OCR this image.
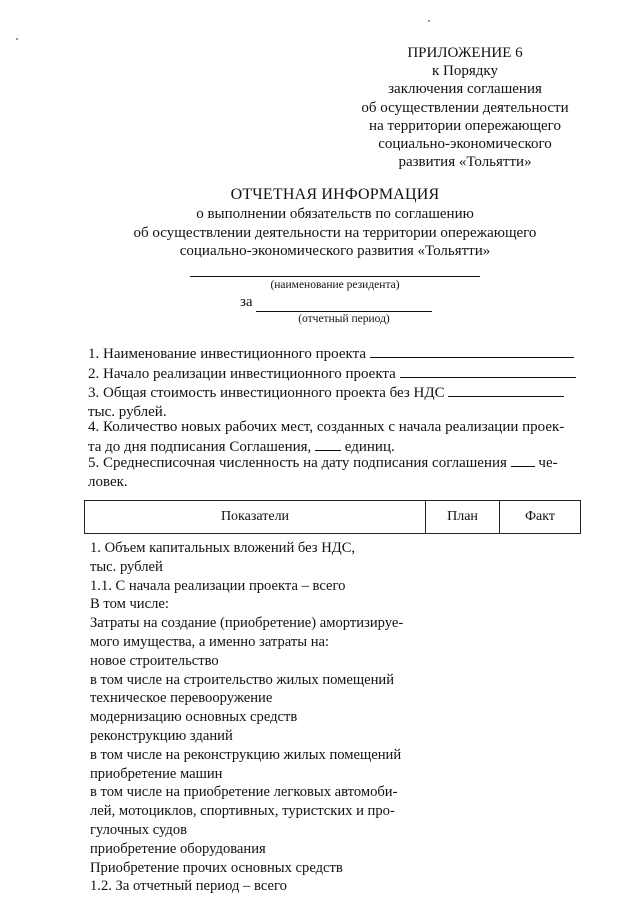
ПРИЛОЖЕНИЕ 6
к Порядку
заключения соглашения
об осуществлении деятельности
на территории опережающего
социально-экономического
развития «Тольятти»
ОТЧЕТНАЯ ИНФОРМАЦИЯ
о выполнении обязательств по соглашению
об осуществлении деятельности на территории опережающего
социально-экономического развития «Тольятти»
(наименование резидента)
за
(отчетный период)
1. Наименование инвестиционного проекта
2. Начало реализации инвестиционного проекта
3. Общая стоимость инвестиционного проекта без НДС
тыс. рублей.
4. Количество новых рабочих мест, созданных с начала реализации проек-
та до дня подписания Соглашения, единиц.
5. Среднесписочная численность на дату подписания соглашения че-
ловек.
Показатели	План	Факт
1. Объем капитальных вложений без НДС,
тыс. рублей
1.1. С начала реализации проекта – всего
В том числе:
Затраты на создание (приобретение) амортизируе-
мого имущества, а именно затраты на:
новое строительство
в том числе на строительство жилых помещений
техническое перевооружение
модернизацию основных средств
реконструкцию зданий
в том числе на реконструкцию жилых помещений
приобретение машин
в том числе на приобретение легковых автомоби-
лей, мотоциклов, спортивных, туристских и про-
гулочных судов
приобретение оборудования
Приобретение прочих основных средств
1.2. За отчетный период – всего
